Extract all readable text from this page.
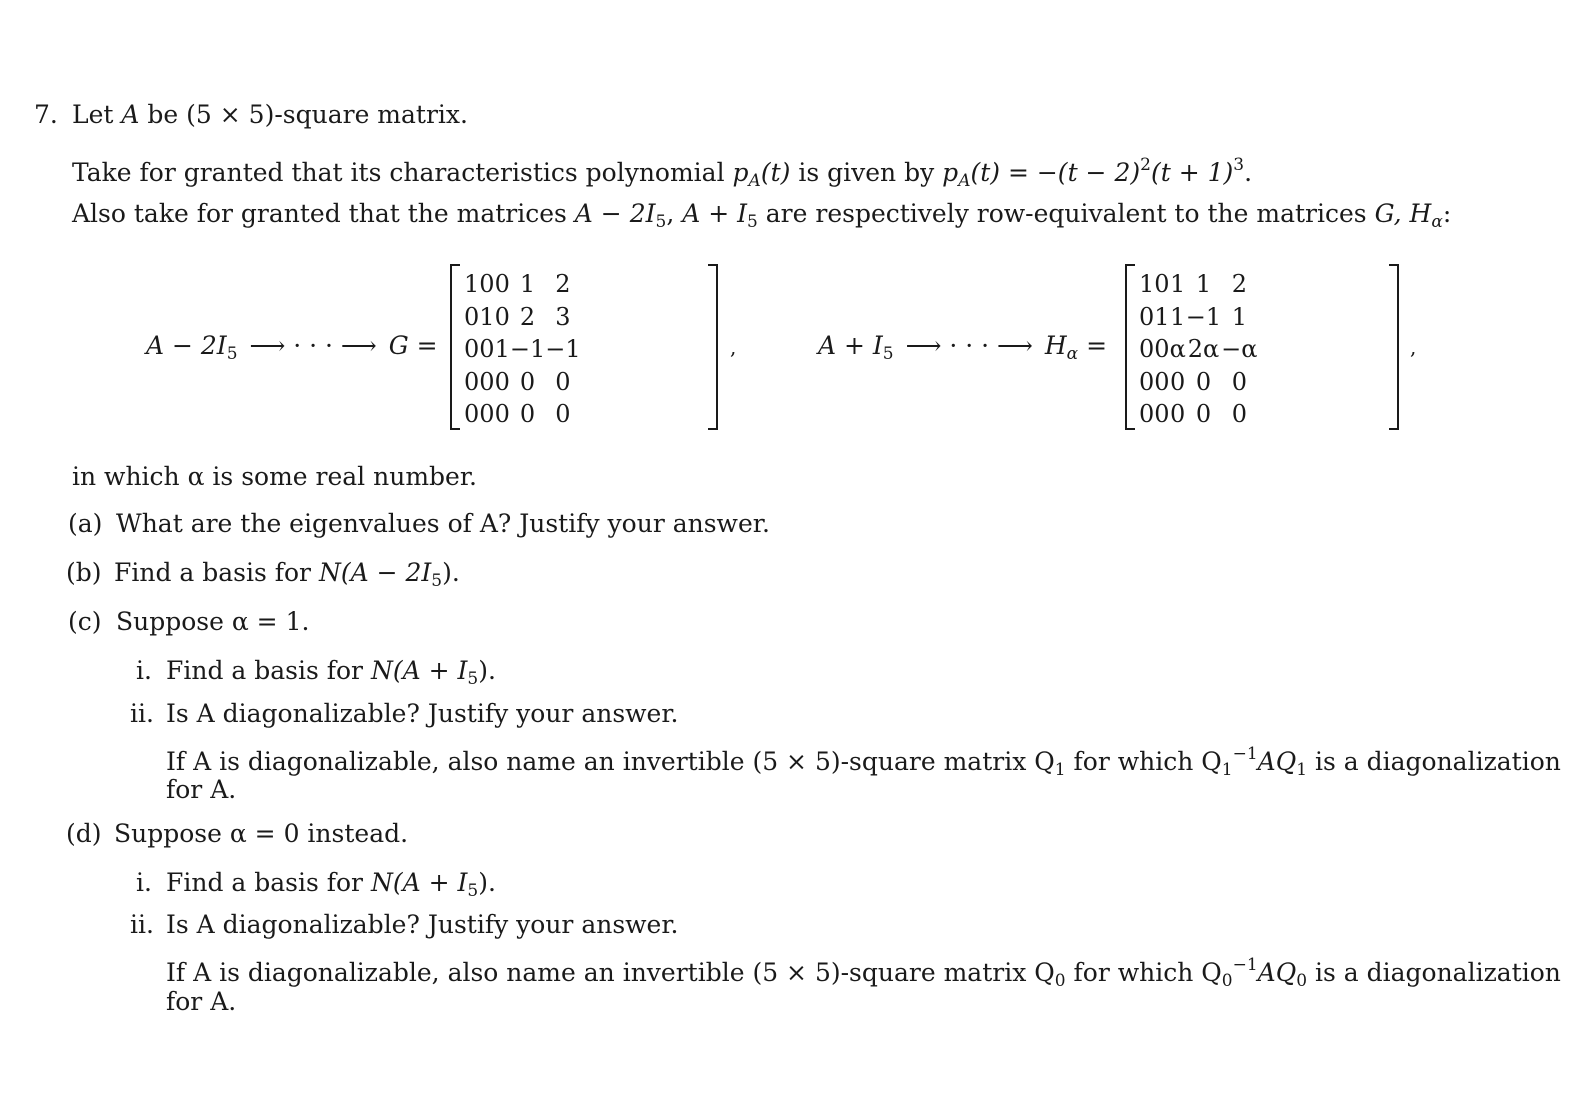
7. Let A be (5 × 5)-square matrix.
Take for granted that its characteristics polynomial $p_A(t)$ is given by $p_A(t) = -(t - 2)^2(t + 1)^3$.
Also take for granted that the matrices $A - 2I_5$, $A + I_5$ are respectively row-equivalent to the matrices G, $H_\alpha$:
$A - 2I_5$ ⟶ · · · ⟶ G =
1	0	0	1	2
0	1	0	2	3
0	0	1	−1	−1
0	0	0	0	0
0	0	0	0	0
,	$A + I_5$ ⟶ · · · ⟶ $H_\alpha$ =
1	0	1	1	2
0	1	1	−1	1
0	0	α	2α	−α
0	0	0	0	0
0	0	0	0	0
,
in which α is some real number.
(a) What are the eigenvalues of A? Justify your answer.
(b) Find a basis for $N(A - 2I_5)$.
(c) Suppose α = 1.
i. Find a basis for $N(A + I_5)$.
ii. Is A diagonalizable? Justify your answer.
If A is diagonalizable, also name an invertible (5 × 5)-square matrix $Q_1$ for which $Q_1^{-1}AQ_1$ is a diagonalization
for A.
(d) Suppose α = 0 instead.
i. Find a basis for $N(A + I_5)$.
ii. Is A diagonalizable? Justify your answer.
If A is diagonalizable, also name an invertible (5 × 5)-square matrix $Q_0$ for which $Q_0^{-1}AQ_0$ is a diagonalization
for A.
